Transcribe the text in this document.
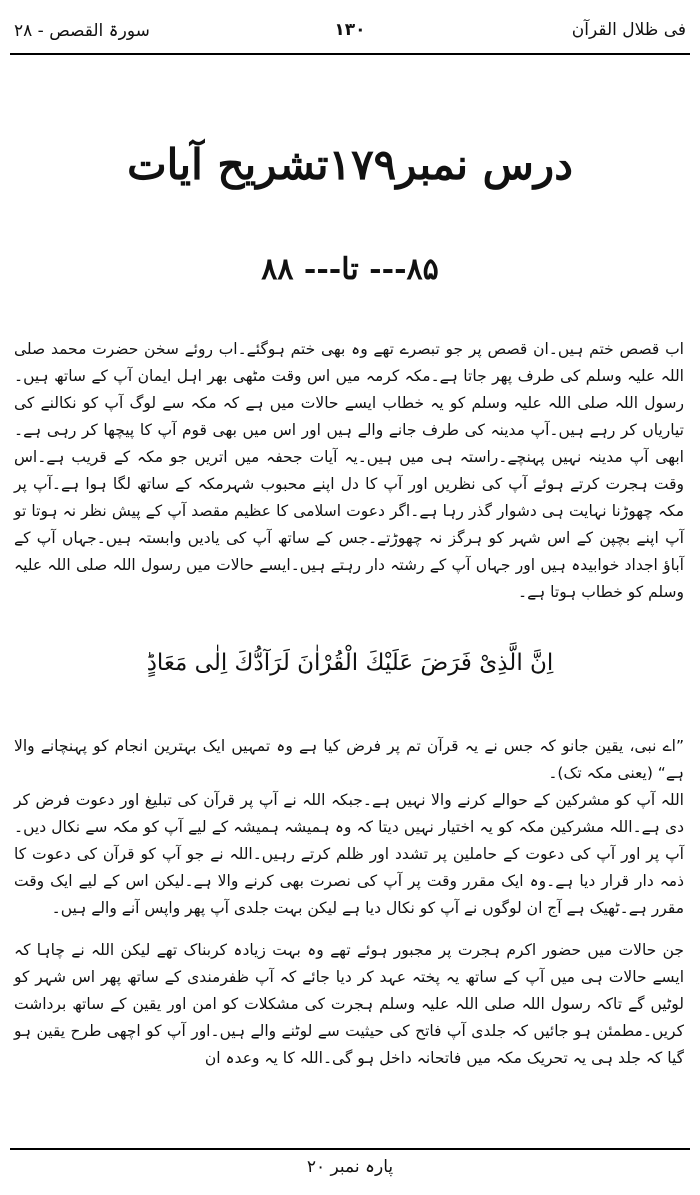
فی ظلال القرآن
۱۳۰
سورۃ القصص - ۲۸
درس نمبر۱۷۹تشریح آیات
۸۵--- تا--- ۸۸
اب قصص ختم ہیں۔ان قصص پر جو تبصرے تھے وہ بھی ختم ہوگئے۔اب روئے سخن حضرت محمد صلی اللہ علیہ وسلم کی طرف پھر جاتا ہے۔مکہ کرمہ میں اس وقت مٹھی بھر اہل ایمان آپ کے ساتھ ہیں۔رسول اللہ صلی اللہ علیہ وسلم کو یہ خطاب ایسے حالات میں ہے کہ مکہ سے لوگ آپ کو نکالنے کی تیاریاں کر رہے ہیں۔آپ مدینہ کی طرف جانے والے ہیں اور اس میں بھی قوم آپ کا پیچھا کر رہی ہے۔ابھی آپ مدینہ نہیں پہنچے۔راستہ ہی میں ہیں۔یہ آیات جحفہ میں اتریں جو مکہ کے قریب ہے۔اس وقت ہجرت کرتے ہوئے آپ کی نظریں اور آپ کا دل اپنے محبوب شہرمکہ کے ساتھ لگا ہوا ہے۔آپ پر مکہ چھوڑنا نہایت ہی دشوار گذر رہا ہے۔اگر دعوت اسلامی کا عظیم مقصد آپ کے پیش نظر نہ ہوتا تو آپ اپنے بچپن کے اس شہر کو ہرگز نہ چھوڑتے۔جس کے ساتھ آپ کی یادیں وابستہ ہیں۔جہاں آپ کے آباؤ اجداد خوابیدہ ہیں اور جہاں آپ کے رشتہ دار رہتے ہیں۔ایسے حالات میں رسول اللہ صلی اللہ علیہ وسلم کو خطاب ہوتا ہے۔
اِنَّ الَّذِیْ فَرَضَ عَلَیْكَ الْقُرْاٰنَ لَرَآدُّكَ اِلٰى مَعَادٍؕ
”اے نبی، یقین جانو کہ جس نے یہ قرآن تم پر فرض کیا ہے وہ تمہیں ایک بہترین انجام کو پہنچانے والا ہے“ (یعنی مکہ تک)۔
اللہ آپ کو مشرکین کے حوالے کرنے والا نہیں ہے۔جبکہ اللہ نے آپ پر قرآن کی تبلیغ اور دعوت فرض کر دی ہے۔اللہ مشرکین مکہ کو یہ اختیار نہیں دیتا کہ وہ ہمیشہ ہمیشہ کے لیے آپ کو مکہ سے نکال دیں۔آپ پر اور آپ کی دعوت کے حاملین پر تشدد اور ظلم کرتے رہیں۔اللہ نے جو آپ کو قرآن کی دعوت کا ذمہ دار قرار دیا ہے۔وہ ایک مقرر وقت پر آپ کی نصرت بھی کرنے والا ہے۔لیکن اس کے لیے ایک وقت مقرر ہے۔ٹھیک ہے آج ان لوگوں نے آپ کو نکال دیا ہے لیکن بہت جلدی آپ پھر واپس آنے والے ہیں۔
جن حالات میں حضور اکرم ہجرت پر مجبور ہوئے تھے وہ بہت زیادہ کربناک تھے لیکن اللہ نے چاہا کہ ایسے حالات ہی میں آپ کے ساتھ یہ پختہ عہد کر دیا جائے کہ آپ ظفرمندی کے ساتھ پھر اس شہر کو لوٹیں گے تاکہ رسول اللہ صلی اللہ علیہ وسلم ہجرت کی مشکلات کو امن اور یقین کے ساتھ برداشت کریں۔مطمئن ہو جائیں کہ جلدی آپ فاتح کی حیثیت سے لوٹنے والے ہیں۔اور آپ کو اچھی طرح یقین ہو گیا کہ جلد ہی یہ تحریک مکہ میں فاتحانہ داخل ہو گی۔اللہ کا یہ وعدہ ان
پارہ نمبر ۲۰
